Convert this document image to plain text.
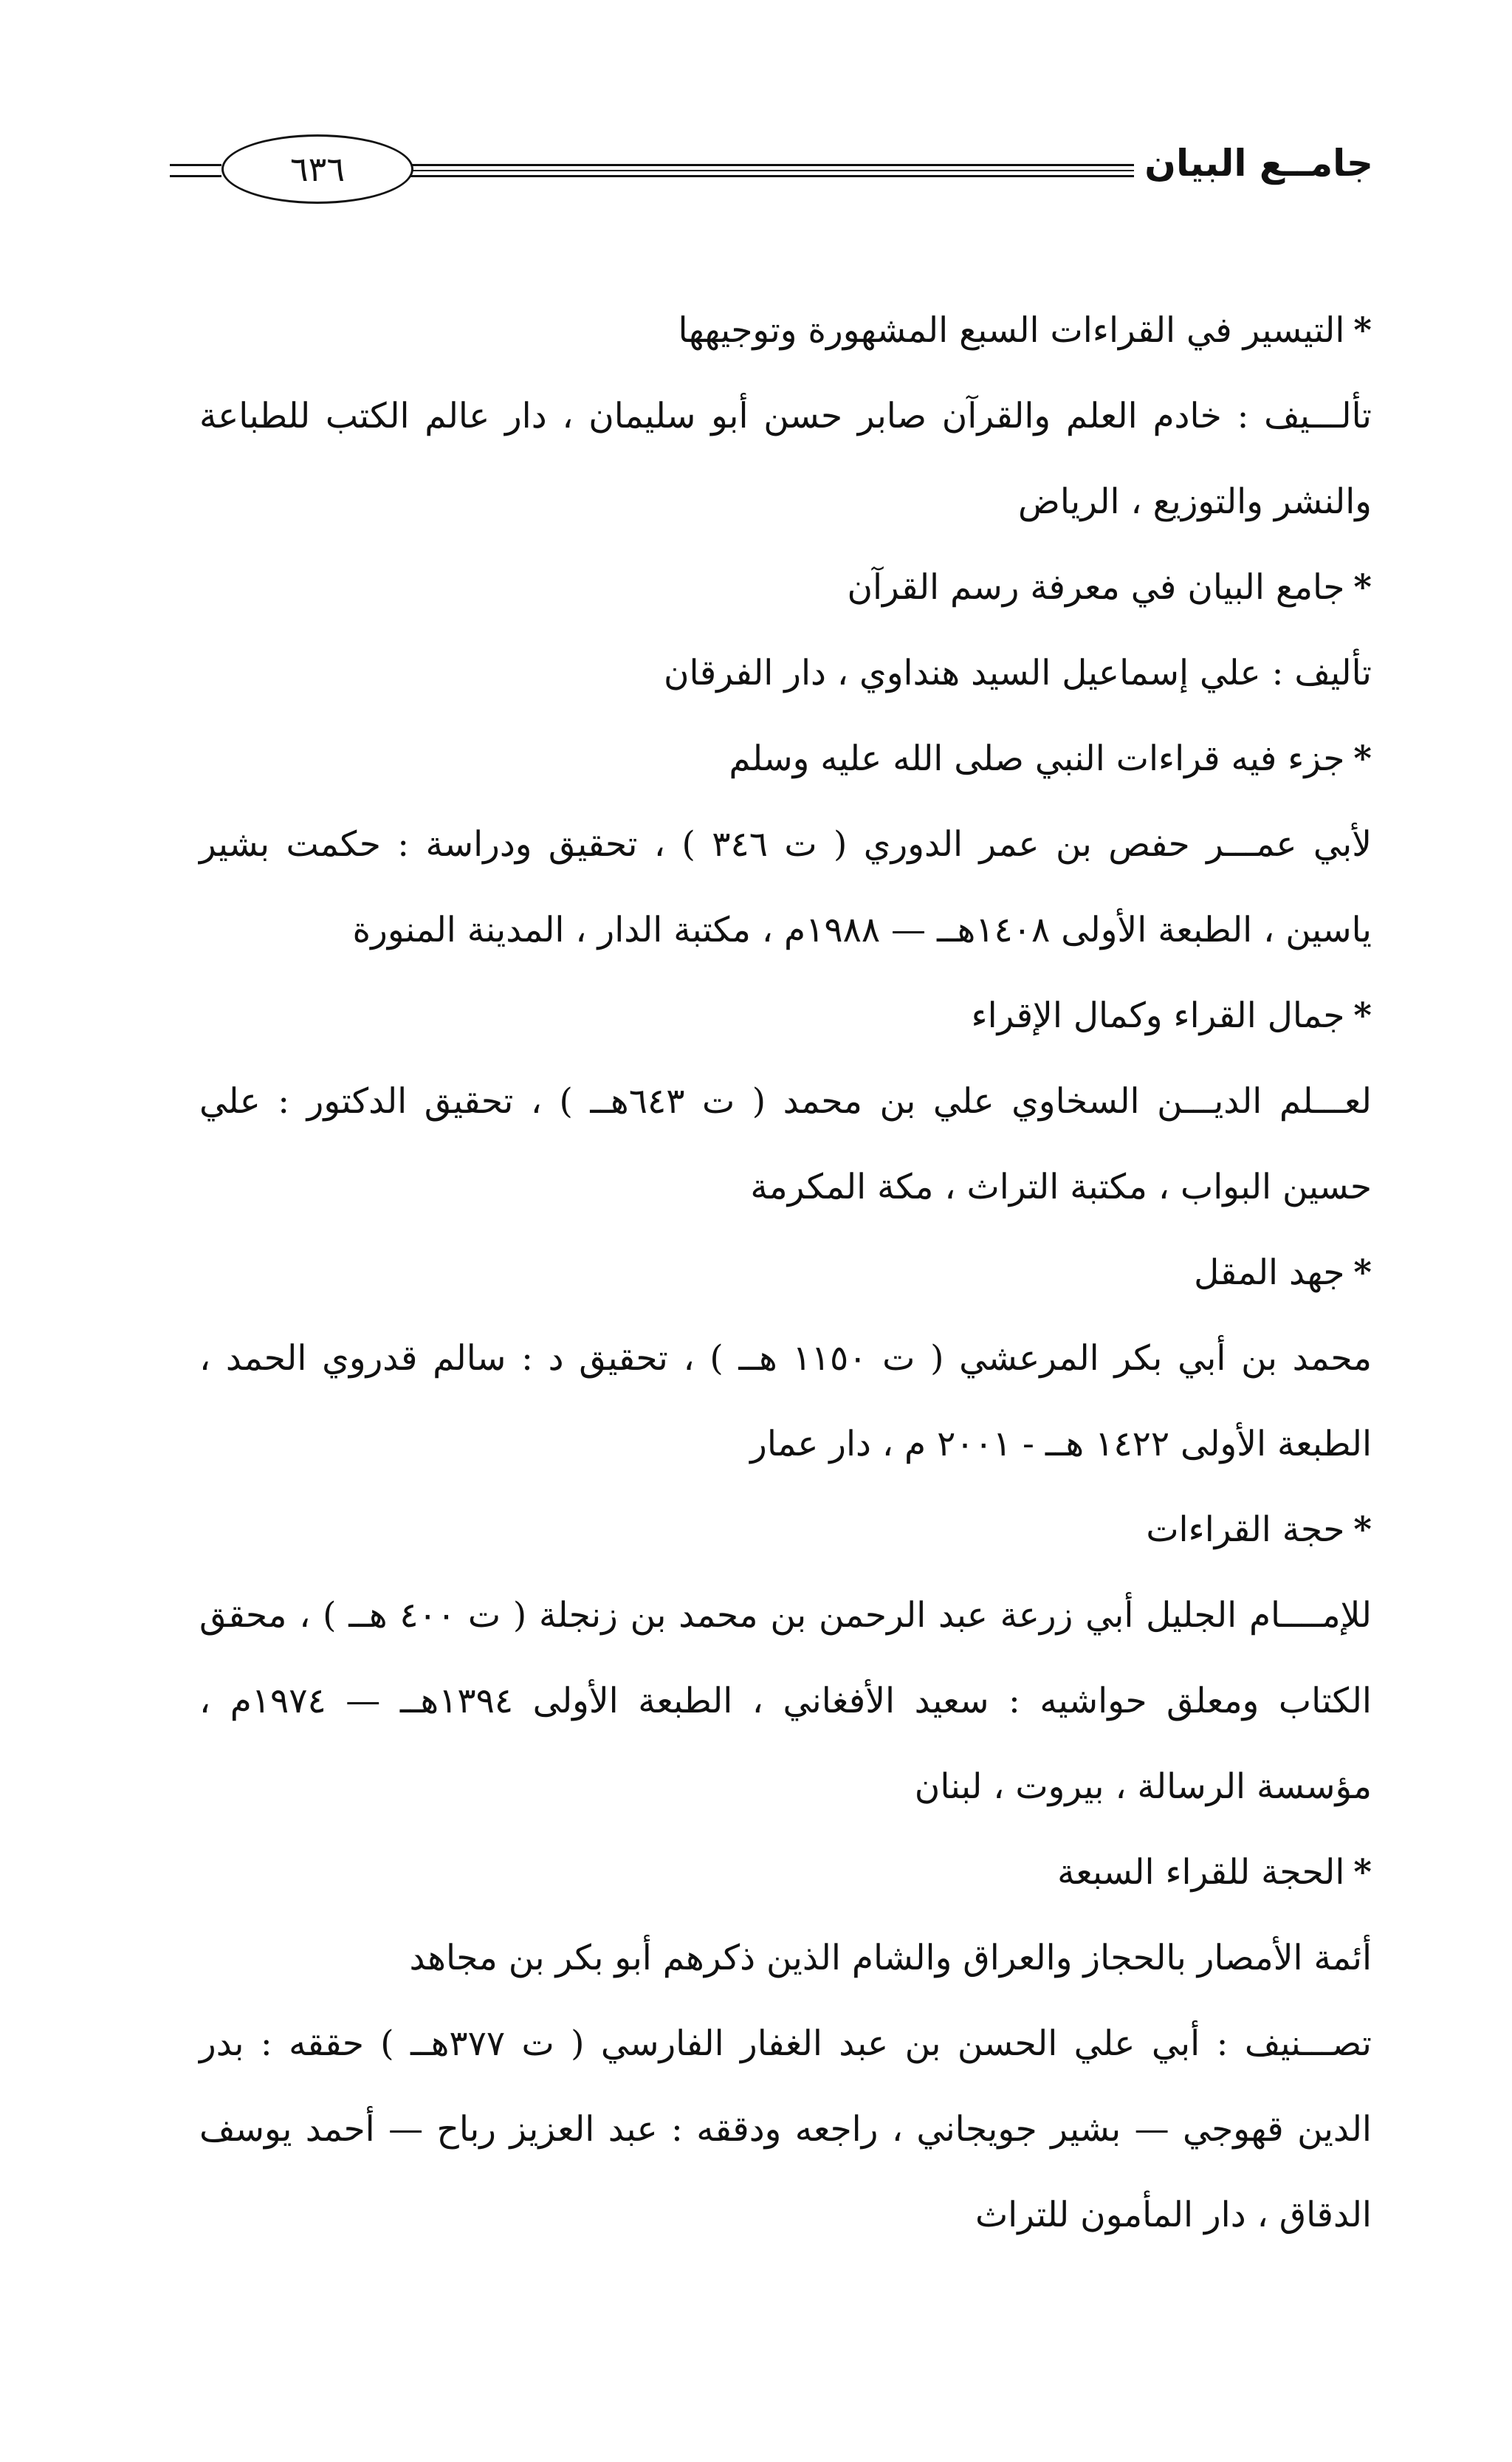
٦٣٦	جامــع البيان
*التيسير في القراءات السبع المشهورة وتوجيهها
تألـــيف : خادم العلم والقرآن صابر حسن أبو سليمان ، دار عالم الكتب للطباعة
والنشر والتوزيع ، الرياض
*جامع البيان في معرفة رسم القرآن
تأليف : علي إسماعيل السيد هنداوي ، دار الفرقان
*جزء فيه قراءات النبي صلى الله عليه وسلم
لأبي عمـــر حفص بن عمر الدوري ( ت ٣٤٦ ) ، تحقيق ودراسة : حكمت بشير
ياسين ، الطبعة الأولى ١٤٠٨هــ — ١٩٨٨م ، مكتبة الدار ، المدينة المنورة
*جمال القراء وكمال الإقراء
لعـــلم الديـــن السخاوي علي بن محمد ( ت ٦٤٣هــ ) ، تحقيق الدكتور : علي
حسين البواب ، مكتبة التراث ، مكة المكرمة
*جهد المقل
محمد بن أبي بكر المرعشي ( ت ١١٥٠ هــ ) ، تحقيق د : سالم قدروي الحمد ،
الطبعة الأولى ١٤٢٢ هــ - ٢٠٠١ م ، دار عمار
*حجة القراءات
للإمــــام الجليل أبي زرعة عبد الرحمن بن محمد بن زنجلة ( ت ٤٠٠ هــ ) ، محقق
الكتاب ومعلق حواشيه : سعيد الأفغاني ، الطبعة الأولى ١٣٩٤هــ — ١٩٧٤م ،
مؤسسة الرسالة ، بيروت ، لبنان
*الحجة للقراء السبعة
أئمة الأمصار بالحجاز والعراق والشام الذين ذكرهم أبو بكر بن مجاهد
تصـــنيف : أبي علي الحسن بن عبد الغفار الفارسي ( ت ٣٧٧هــ ) حققه : بدر
الدين قهوجي — بشير جويجاني ، راجعه ودققه : عبد العزيز رباح — أحمد يوسف
الدقاق ، دار المأمون للتراث
